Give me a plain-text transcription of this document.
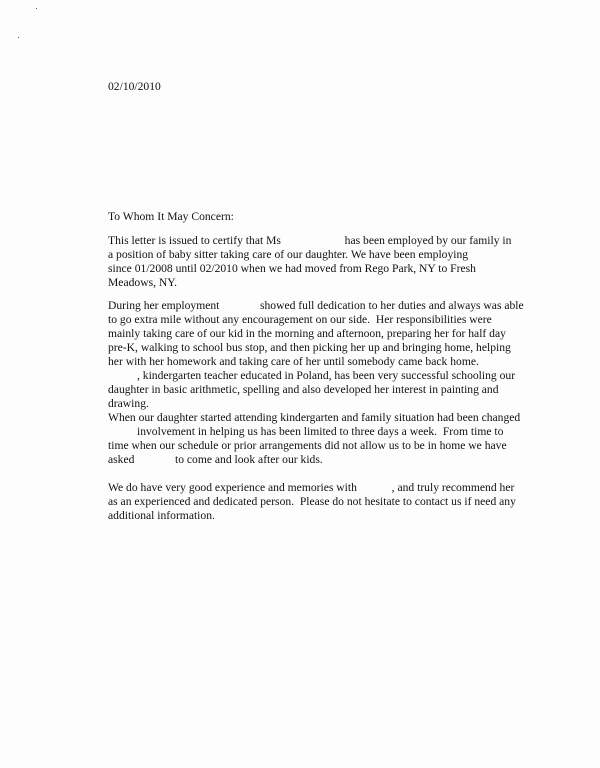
02/10/2010
To Whom It May Concern:
This letter is issued to certify that Ms                      has been employed by our family in
a position of baby sitter taking care of our daughter. We have been employing
since 01/2008 until 02/2010 when we had moved from Rego Park, NY to Fresh
Meadows, NY.
During her employment              showed full dedication to her duties and always was able
to go extra mile without any encouragement on our side.  Her responsibilities were
mainly taking care of our kid in the morning and afternoon, preparing her for half day
pre-K, walking to school bus stop, and then picking her up and bringing home, helping
her with her homework and taking care of her until somebody came back home.
, kindergarten teacher educated in Poland, has been very successful schooling our
daughter in basic arithmetic, spelling and also developed her interest in painting and
drawing.
When our daughter started attending kindergarten and family situation had been changed
involvement in helping us has been limited to three days a week.  From time to
time when our schedule or prior arrangements did not allow us to be in home we have
asked              to come and look after our kids.
We do have very good experience and memories with            , and truly recommend her
as an experienced and dedicated person.  Please do not hesitate to contact us if need any
additional information.
